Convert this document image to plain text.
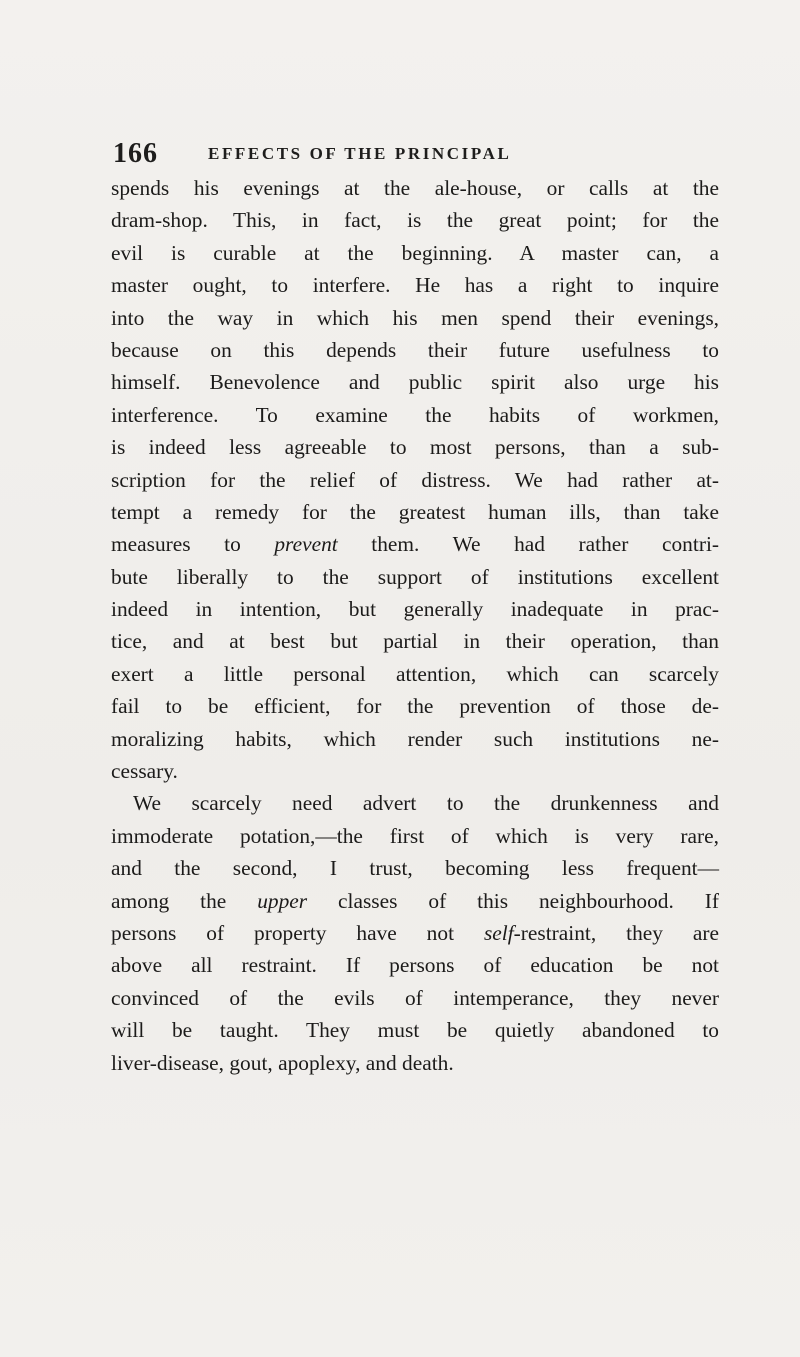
166	EFFECTS OF THE PRINCIPAL
spends his evenings at the ale-house, or calls at the
dram-shop. This, in fact, is the great point; for the
evil is curable at the beginning. A master can, a
master ought, to interfere. He has a right to inquire
into the way in which his men spend their evenings,
because on this depends their future usefulness to
himself. Benevolence and public spirit also urge his
interference. To examine the habits of workmen,
is indeed less agreeable to most persons, than a sub-
scription for the relief of distress. We had rather at-
tempt a remedy for the greatest human ills, than take
measures to prevent them. We had rather contri-
bute liberally to the support of institutions excellent
indeed in intention, but generally inadequate in prac-
tice, and at best but partial in their operation, than
exert a little personal attention, which can scarcely
fail to be efficient, for the prevention of those de-
moralizing habits, which render such institutions ne-
cessary.
We scarcely need advert to the drunkenness and
immoderate potation,—the first of which is very rare,
and the second, I trust, becoming less frequent—
among the upper classes of this neighbourhood. If
persons of property have not self-restraint, they are
above all restraint. If persons of education be not
convinced of the evils of intemperance, they never
will be taught. They must be quietly abandoned to
liver-disease, gout, apoplexy, and death.
